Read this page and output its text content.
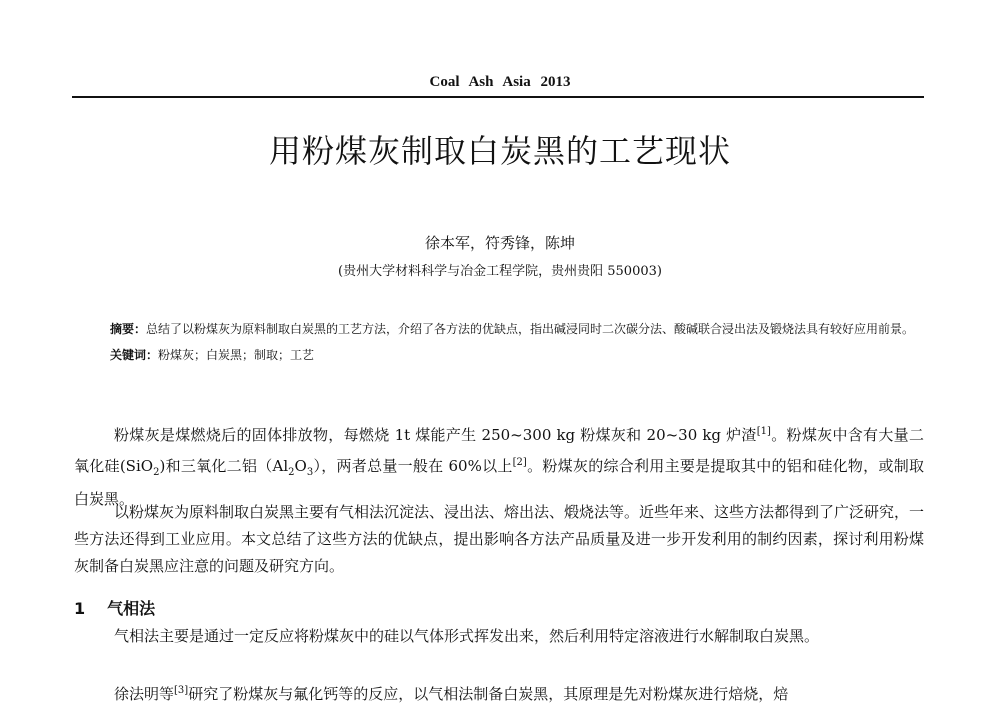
Coal Ash Asia 2013
用粉煤灰制取白炭黑的工艺现状
徐本军，符秀锋，陈坤
(贵州大学材料科学与冶金工程学院，贵州贵阳 550003)
摘要：总结了以粉煤灰为原料制取白炭黑的工艺方法，介绍了各方法的优缺点，指出碱浸同时二次碳分法、酸碱联合浸出法及锻烧法具有较好应用前景。
关键词：粉煤灰；白炭黑；制取；工艺
粉煤灰是煤燃烧后的固体排放物，每燃烧 1t 煤能产生 250~300 kg 粉煤灰和 20~30 kg 炉渣[1]。粉煤灰中含有大量二氧化硅(SiO$_2$)和三氧化二铝$(Al_2O_3)$，两者总量一般在 60%以上[2]。粉煤灰的综合利用主要是提取其中的铝和硅化物，或制取白炭黑。
以粉煤灰为原料制取白炭黑主要有气相法沉淀法、浸出法、熔出法、煅烧法等。近些年来、这些方法都得到了广泛研究，一些方法还得到工业应用。本文总结了这些方法的优缺点，提出影响各方法产品质量及进一步开发利用的制约因素，探讨利用粉煤灰制备白炭黑应注意的问题及研究方向。
1 气相法
气相法主要是通过一定反应将粉煤灰中的硅以气体形式挥发出来，然后利用特定溶液进行水解制取白炭黑。
徐法明等[3]研究了粉煤灰与氟化钙等的反应，以气相法制备白炭黑，其原理是先对粉煤灰进行焙烧，焙
